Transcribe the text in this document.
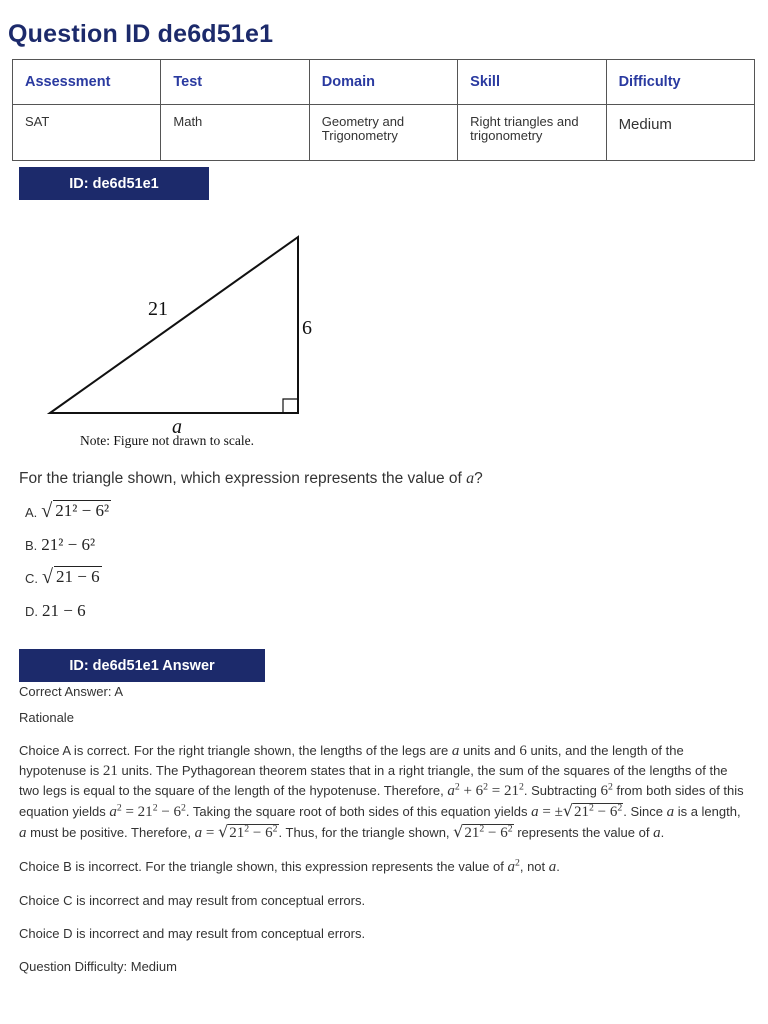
Question ID de6d51e1
Assessment	Test	Domain	Skill	Difficulty
SAT	Math	Geometry and Trigonometry	Right triangles and trigonometry	Medium
ID: de6d51e1
21
6
a
Note: Figure not drawn to scale.
For the triangle shown, which expression represents the value of a?
A. √ 21² − 6²
B. 21² − 6²
C. √ 21 − 6
D. 21 − 6
ID: de6d51e1 Answer
Correct Answer: A
Rationale

Choice A is correct. For the right triangle shown, the lengths of the legs are a units and 6 units, and the length of the hypotenuse is 21 units. The Pythagorean theorem states that in a right triangle, the sum of the squares of the lengths of the two legs is equal to the square of the length of the hypotenuse. Therefore, $a^2 + 6^2 = 21^2$. Subtracting $6^2$ from both sides of this equation yields $a^2 = 21^2 - 6^2$. Taking the square root of both sides of this equation yields $a = \pm√21^2 - 6^2$. Since a is a length, a must be positive. Therefore, $a = √21^2 - 6^2$. Thus, for the triangle shown, $√21^2 - 6^2$ represents the value of a.

Choice B is incorrect. For the triangle shown, this expression represents the value of $a^2$, not a.

Choice C is incorrect and may result from conceptual errors.

Choice D is incorrect and may result from conceptual errors.

Question Difficulty: Medium
